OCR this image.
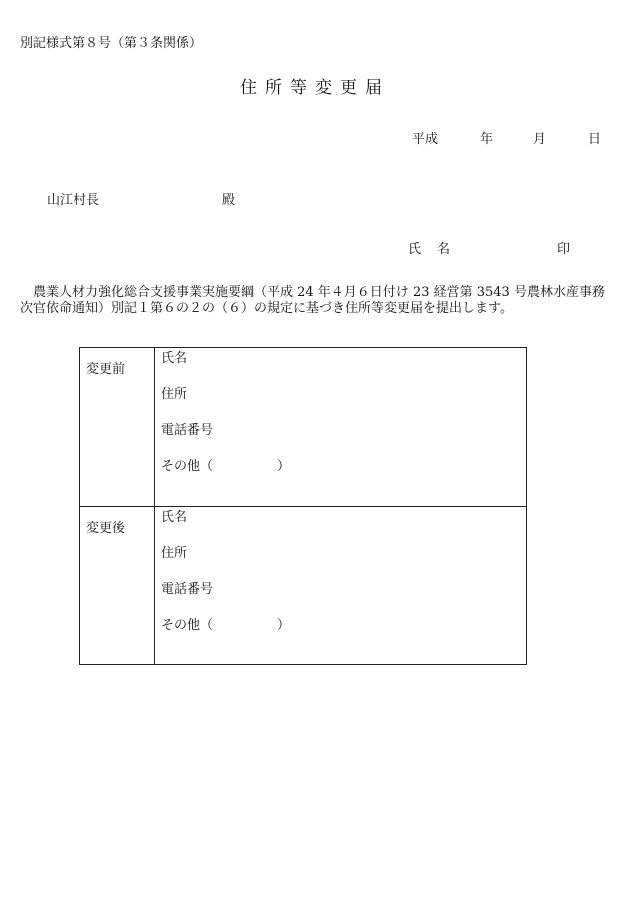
別記様式第８号（第３条関係）
住所等変更届
平成	年	月	日
山江村長	殿
氏 名	印
農業人材力強化総合支援事業実施要綱（平成 24 年４月６日付け 23 経営第 3543 号農林水産事務次官依命通知）別記１第６の２の（６）の規定に基づき住所等変更届を提出します。
変更前	氏名
住所
電話番号
その他（ ）

変更後	氏名
住所
電話番号
その他（ ）
